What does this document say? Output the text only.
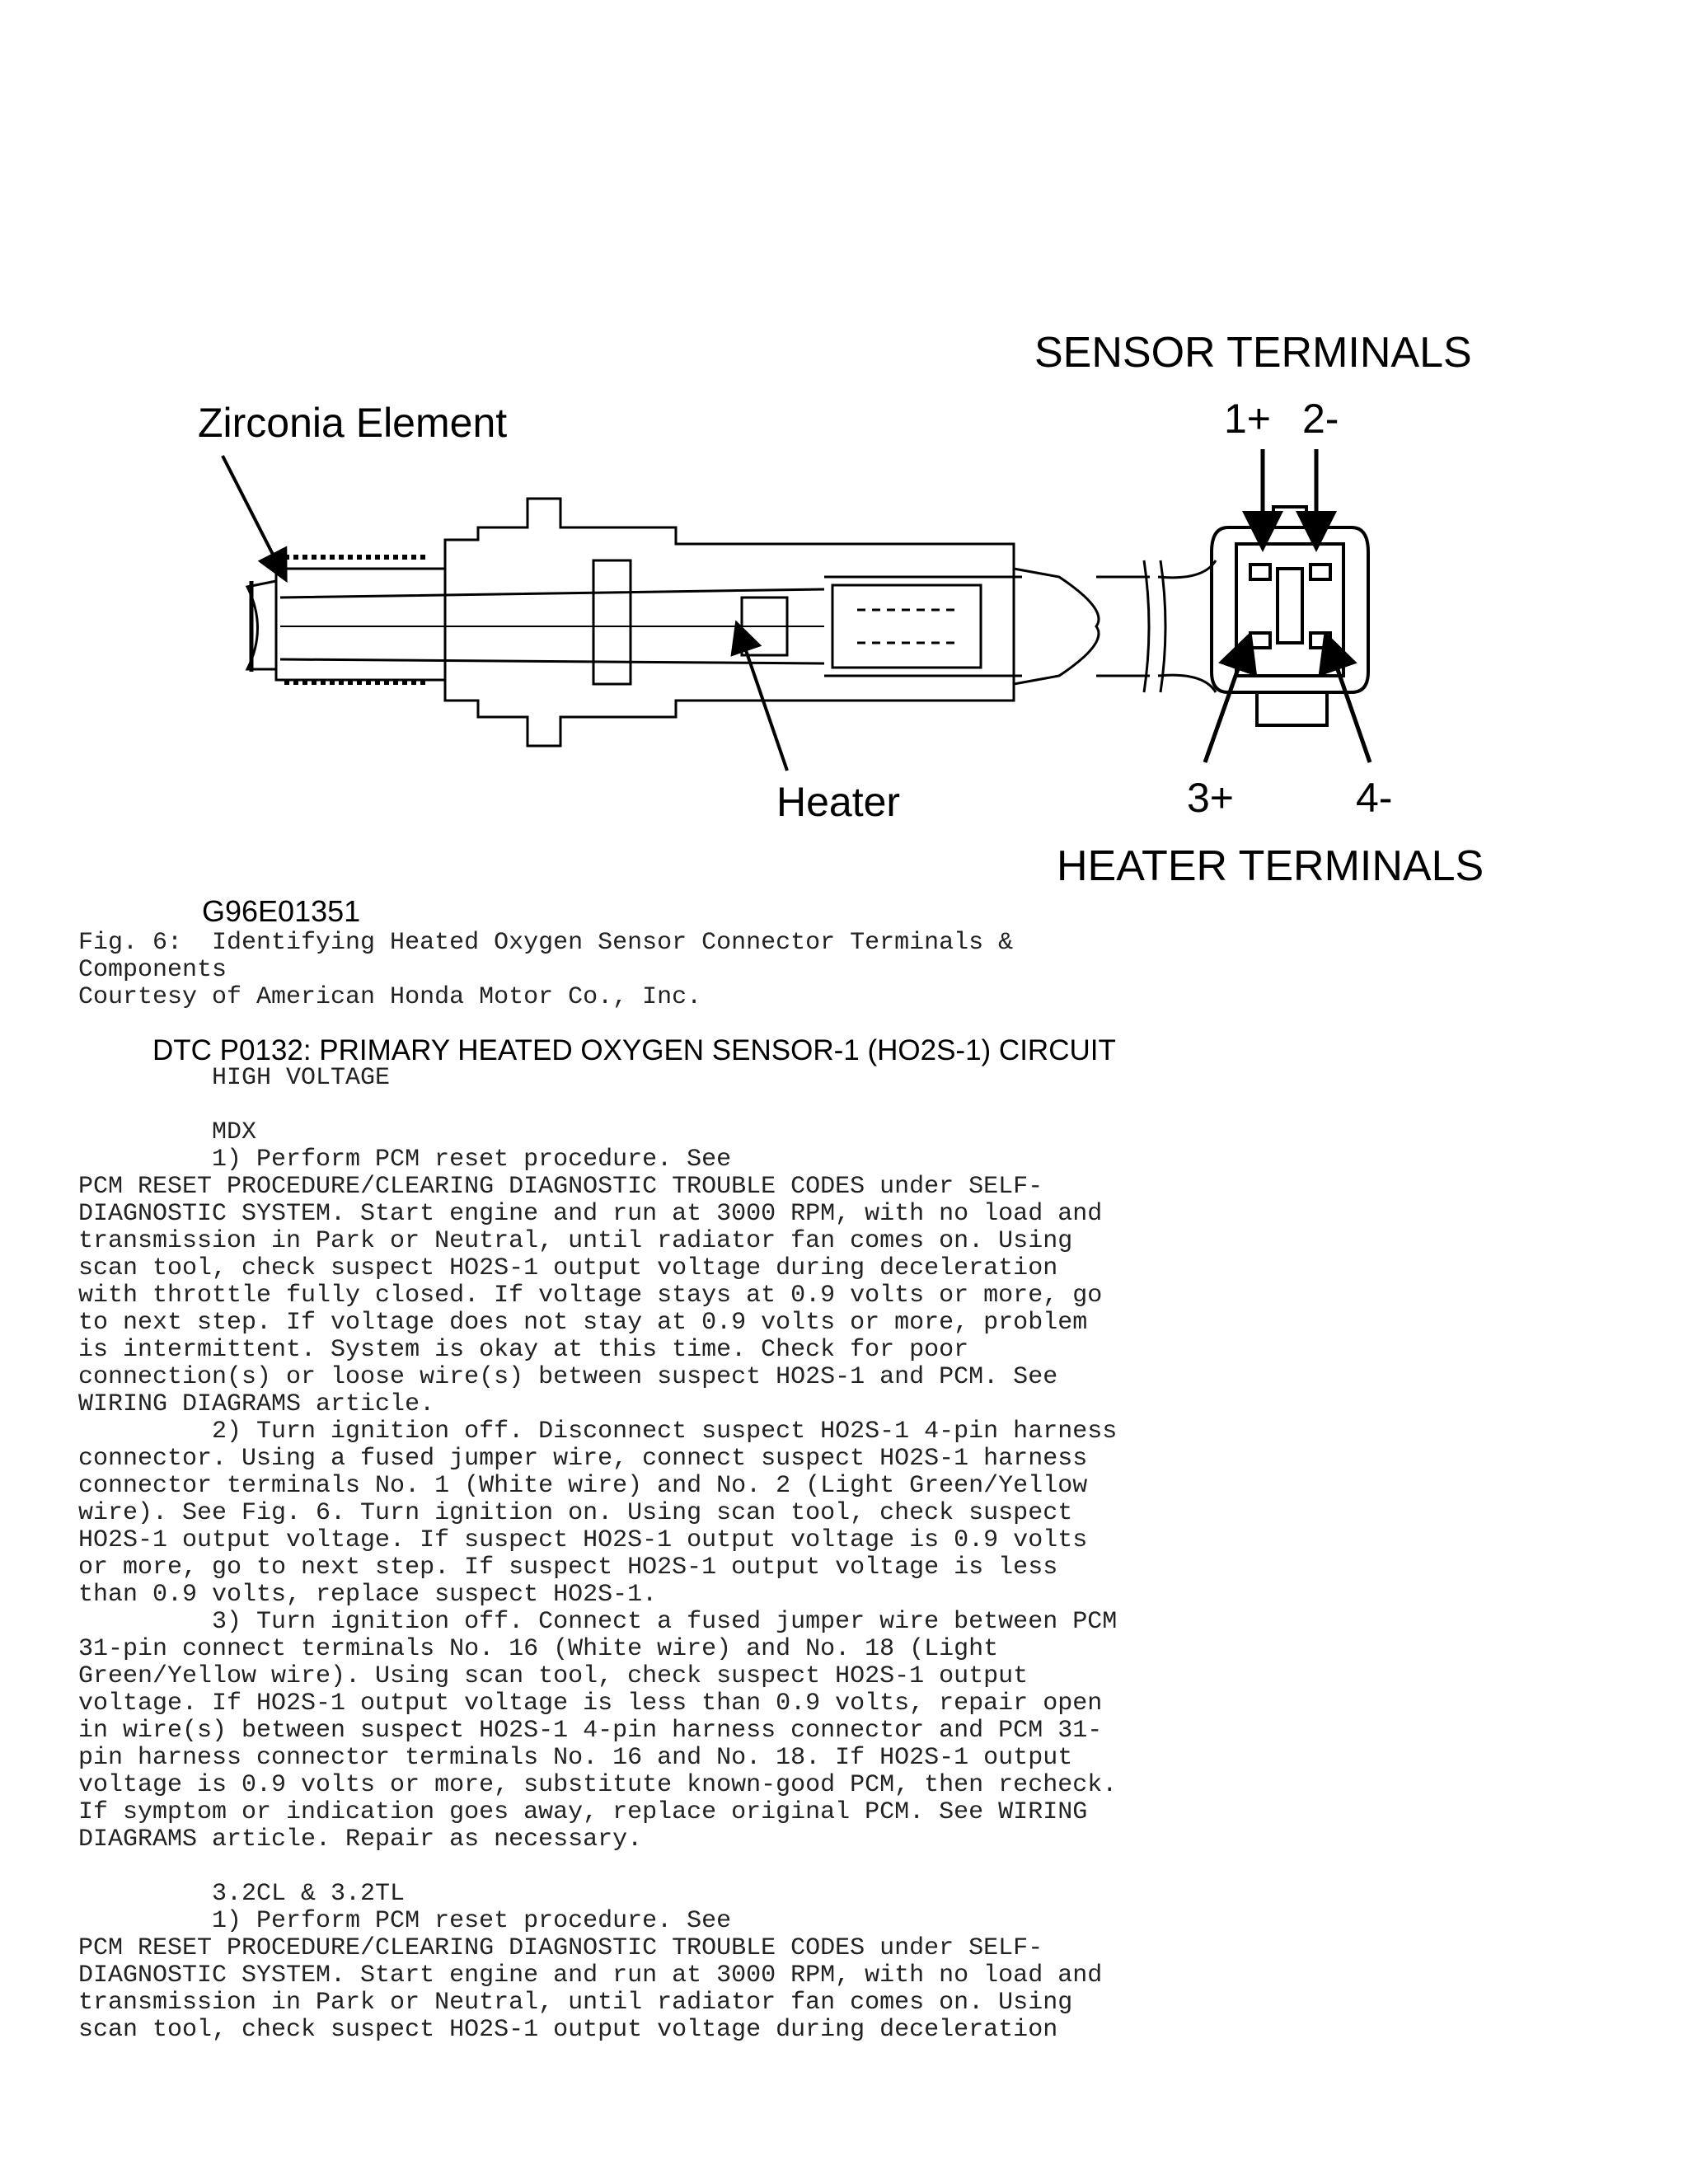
SENSOR TERMINALS
1+ 2-
Zirconia Element
Heater	3+	4-
HEATER TERMINALS
G96E01351
Fig. 6:  Identifying Heated Oxygen Sensor Connector Terminals &
Components
Courtesy of American Honda Motor Co., Inc.
DTC P0132: PRIMARY HEATED OXYGEN SENSOR-1 (HO2S-1) CIRCUIT
HIGH VOLTAGE
MDX
1) Perform PCM reset procedure. See
PCM RESET PROCEDURE/CLEARING DIAGNOSTIC TROUBLE CODES under SELF-
DIAGNOSTIC SYSTEM. Start engine and run at 3000 RPM, with no load and
transmission in Park or Neutral, until radiator fan comes on. Using
scan tool, check suspect HO2S-1 output voltage during deceleration
with throttle fully closed. If voltage stays at 0.9 volts or more, go
to next step. If voltage does not stay at 0.9 volts or more, problem
is intermittent. System is okay at this time. Check for poor
connection(s) or loose wire(s) between suspect HO2S-1 and PCM. See
WIRING DIAGRAMS article.
2) Turn ignition off. Disconnect suspect HO2S-1 4-pin harness
connector. Using a fused jumper wire, connect suspect HO2S-1 harness
connector terminals No. 1 (White wire) and No. 2 (Light Green/Yellow
wire). See Fig. 6. Turn ignition on. Using scan tool, check suspect
HO2S-1 output voltage. If suspect HO2S-1 output voltage is 0.9 volts
or more, go to next step. If suspect HO2S-1 output voltage is less
than 0.9 volts, replace suspect HO2S-1.
3) Turn ignition off. Connect a fused jumper wire between PCM
31-pin connect terminals No. 16 (White wire) and No. 18 (Light
Green/Yellow wire). Using scan tool, check suspect HO2S-1 output
voltage. If HO2S-1 output voltage is less than 0.9 volts, repair open
in wire(s) between suspect HO2S-1 4-pin harness connector and PCM 31-
pin harness connector terminals No. 16 and No. 18. If HO2S-1 output
voltage is 0.9 volts or more, substitute known-good PCM, then recheck.
If symptom or indication goes away, replace original PCM. See WIRING
DIAGRAMS article. Repair as necessary.
3.2CL & 3.2TL
1) Perform PCM reset procedure. See
PCM RESET PROCEDURE/CLEARING DIAGNOSTIC TROUBLE CODES under SELF-
DIAGNOSTIC SYSTEM. Start engine and run at 3000 RPM, with no load and
transmission in Park or Neutral, until radiator fan comes on. Using
scan tool, check suspect HO2S-1 output voltage during deceleration
